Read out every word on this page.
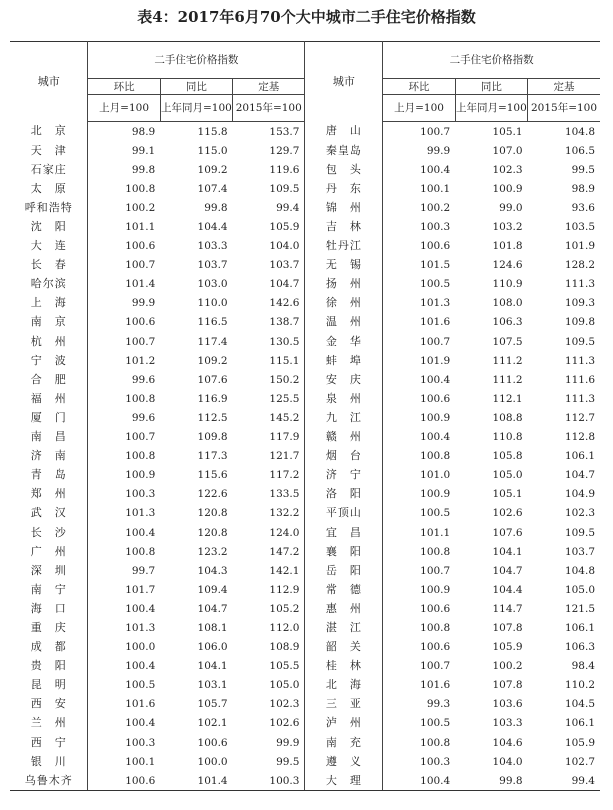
表4：2017年6月70个大中城市二手住宅价格指数
城市	二手住宅价格指数			城市	二手住宅价格指数		
	环比	同比	定基		环比	同比	定基
	上月=100	上年同月=100	2015年=100		上月=100	上年同月=100	2015年=100
北　京	98.9	115.8	153.7	唐　山	100.7	105.1	104.8
天　津	99.1	115.0	129.7	秦皇岛	99.9	107.0	106.5
石家庄	99.8	109.2	119.6	包　头	100.4	102.3	99.5
太　原	100.8	107.4	109.5	丹　东	100.1	100.9	98.9
呼和浩特	100.2	99.8	99.4	锦　州	100.2	99.0	93.6
沈　阳	101.1	104.4	105.9	吉　林	100.3	103.2	103.5
大　连	100.6	103.3	104.0	牡丹江	100.6	101.8	101.9
长　春	100.7	103.7	103.7	无　锡	101.5	124.6	128.2
哈尔滨	101.4	103.0	104.7	扬　州	100.5	110.9	111.3
上　海	99.9	110.0	142.6	徐　州	101.3	108.0	109.3
南　京	100.6	116.5	138.7	温　州	101.6	106.3	109.8
杭　州	100.7	117.4	130.5	金　华	100.7	107.5	109.5
宁　波	101.2	109.2	115.1	蚌　埠	101.9	111.2	111.3
合　肥	99.6	107.6	150.2	安　庆	100.4	111.2	111.6
福　州	100.8	116.9	125.5	泉　州	100.6	112.1	111.3
厦　门	99.6	112.5	145.2	九　江	100.9	108.8	112.7
南　昌	100.7	109.8	117.9	赣　州	100.4	110.8	112.8
济　南	100.8	117.3	121.7	烟　台	100.8	105.8	106.1
青　岛	100.9	115.6	117.2	济　宁	101.0	105.0	104.7
郑　州	100.3	122.6	133.5	洛　阳	100.9	105.1	104.9
武　汉	101.3	120.8	132.2	平顶山	100.5	102.6	102.3
长　沙	100.4	120.8	124.0	宜　昌	101.1	107.6	109.5
广　州	100.8	123.2	147.2	襄　阳	100.8	104.1	103.7
深　圳	99.7	104.3	142.1	岳　阳	100.7	104.7	104.8
南　宁	101.7	109.4	112.9	常　德	100.9	104.4	105.0
海　口	100.4	104.7	105.2	惠　州	100.6	114.7	121.5
重　庆	101.3	108.1	112.0	湛　江	100.8	107.8	106.1
成　都	100.0	106.0	108.9	韶　关	100.6	105.9	106.3
贵　阳	100.4	104.1	105.5	桂　林	100.7	100.2	98.4
昆　明	100.5	103.1	105.0	北　海	101.6	107.8	110.2
西　安	101.6	105.7	102.3	三　亚	99.3	103.6	104.5
兰　州	100.4	102.1	102.6	泸　州	100.5	103.3	106.1
西　宁	100.3	100.6	99.9	南　充	100.8	104.6	105.9
银　川	100.1	100.0	99.5	遵　义	100.3	104.0	102.7
乌鲁木齐	100.6	101.4	100.3	大　理	100.4	99.8	99.4
